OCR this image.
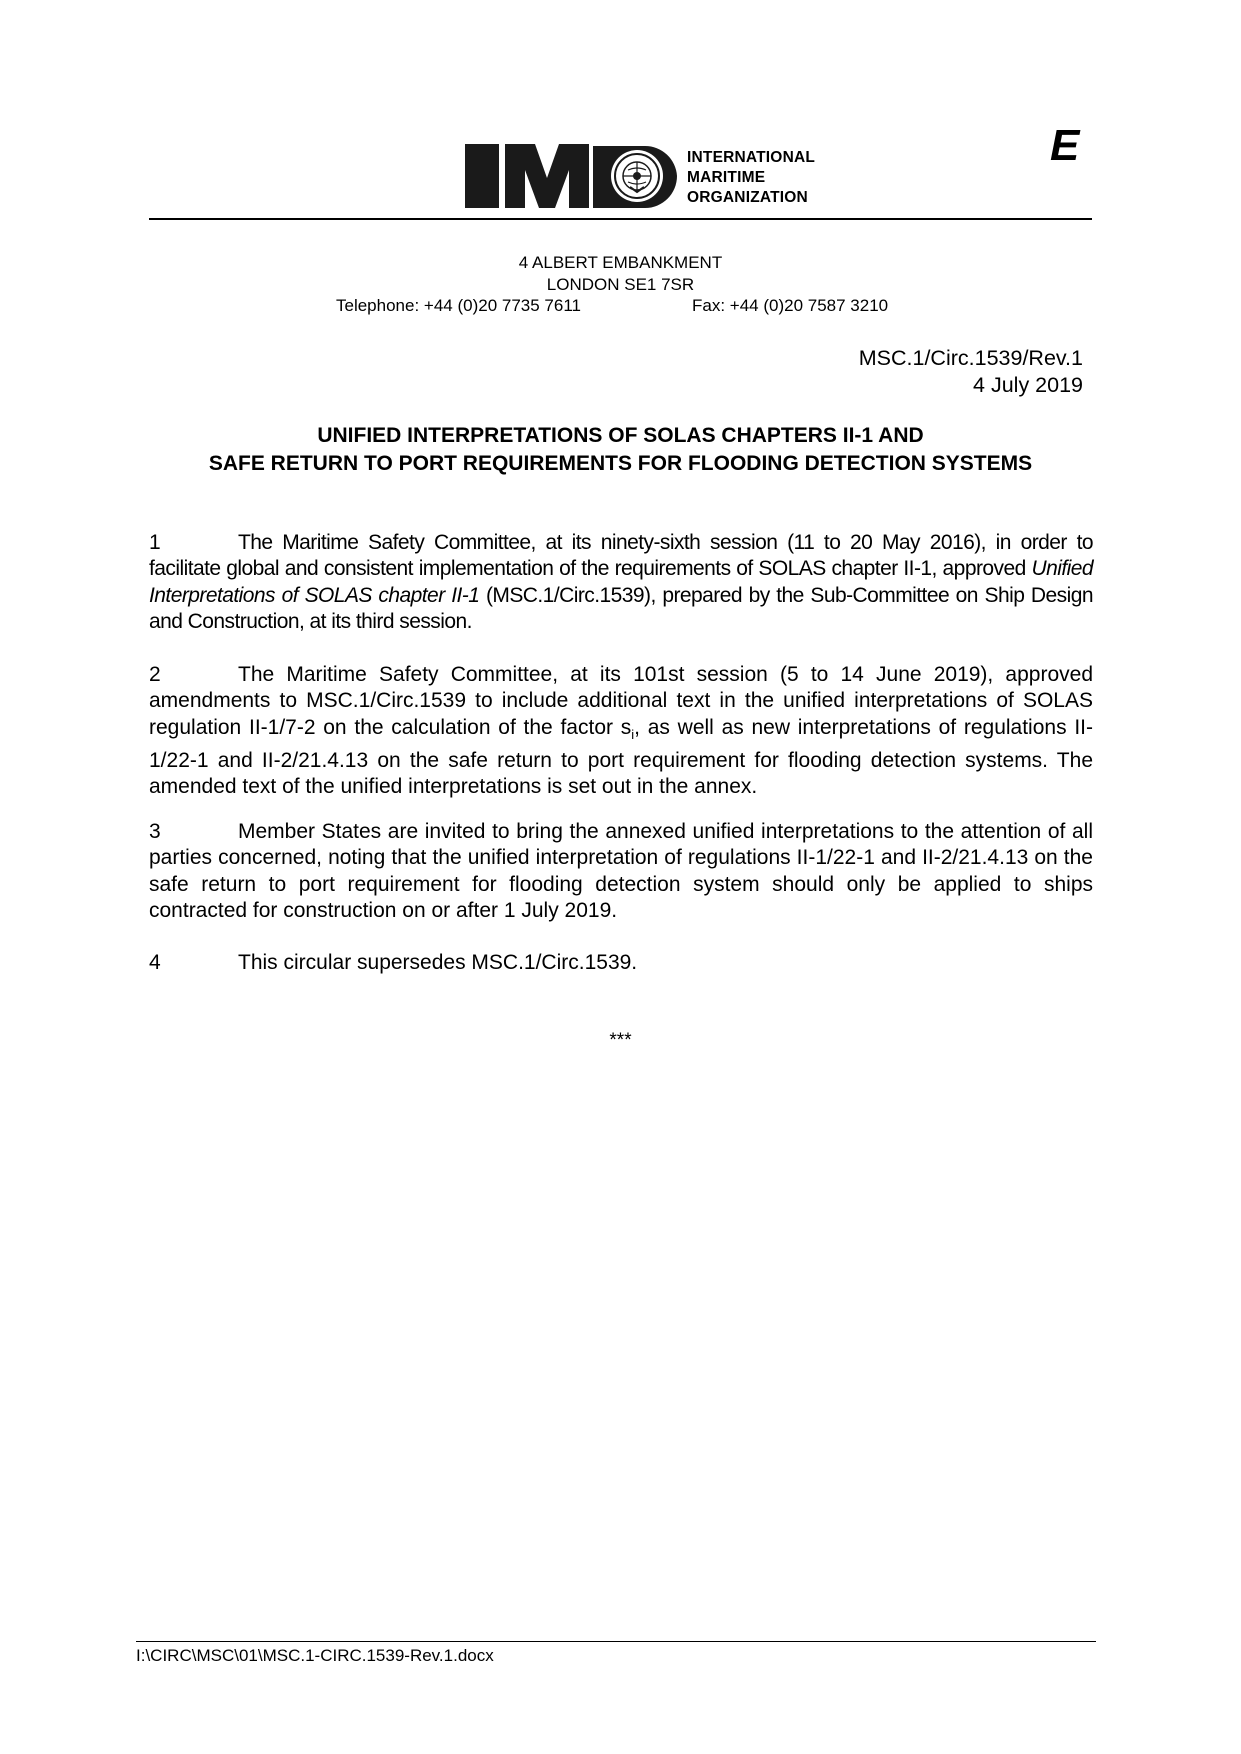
INTERNATIONAL
MARITIME
ORGANIZATION
E
4 ALBERT EMBANKMENT
LONDON SE1 7SR
Telephone: +44 (0)20 7735 7611	Fax: +44 (0)20 7587 3210
MSC.1/Circ.1539/Rev.1
4 July 2019
UNIFIED INTERPRETATIONS OF SOLAS CHAPTERS II-1 AND
SAFE RETURN TO PORT REQUIREMENTS FOR FLOODING DETECTION SYSTEMS
1	The Maritime Safety Committee, at its ninety-sixth session (11 to 20 May 2016), in order to facilitate global and consistent implementation of the requirements of SOLAS chapter II-1, approved Unified Interpretations of SOLAS chapter II-1 (MSC.1/Circ.1539), prepared by the Sub-Committee on Ship Design and Construction, at its third session.
2	The Maritime Safety Committee, at its 101st session (5 to 14 June 2019), approved amendments to MSC.1/Circ.1539 to include additional text in the unified interpretations of SOLAS regulation II-1/7-2 on the calculation of the factor $s_i$, as well as new interpretations of regulations II-1/22-1 and II-2/21.4.13 on the safe return to port requirement for flooding detection systems. The amended text of the unified interpretations is set out in the annex.
3	Member States are invited to bring the annexed unified interpretations to the attention of all parties concerned, noting that the unified interpretation of regulations II-1/22-1 and II-2/21.4.13 on the safe return to port requirement for flooding detection system should only be applied to ships contracted for construction on or after 1 July 2019.
4	This circular supersedes MSC.1/Circ.1539.
***
I:\CIRC\MSC\01\MSC.1-CIRC.1539-Rev.1.docx
